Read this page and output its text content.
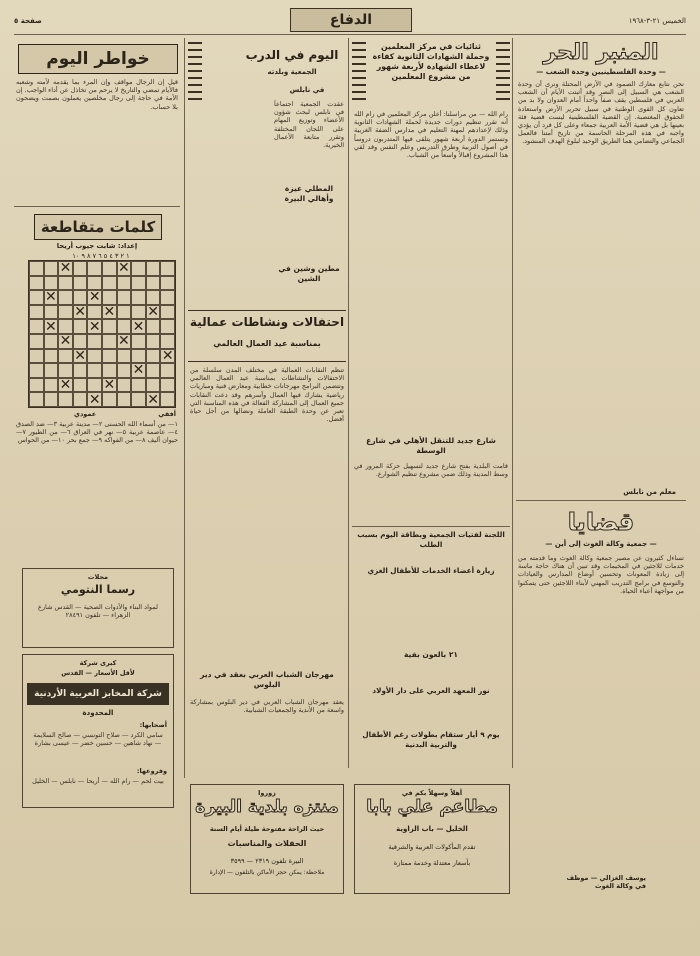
الخميس ٢١-٣-١٩٦٨
الدفاع
صفحة ٥
المنبر الحر
— وحدة الفلسطينيين وحدة الشعب —
نحن نتابع معارك الصمود في الأرض المحتلة ونرى أن وحدة الشعب هي السبيل إلى النصر وقد أثبتت الأيام أن الشعب العربي في فلسطين يقف صفاً واحداً أمام العدوان ولا بد من تعاون كل القوى الوطنية في سبيل تحرير الأرض واستعادة الحقوق المغتصبة. إن القضية الفلسطينية ليست قضية فئة بعينها بل هي قضية الأمة العربية جمعاء وعلى كل فرد أن يؤدي واجبه في هذه المرحلة الحاسمة من تاريخ أمتنا فالعمل الجماعي والتضامن هما الطريق الوحيد لبلوغ الهدف المنشود.
معلم من نابلس
قضايا
— جمعية وكالة الغوث إلى أين —
تساءل كثيرون عن مصير جمعية وكالة الغوث وما قدمته من خدمات للاجئين في المخيمات وقد تبين أن هناك حاجة ماسة إلى زيادة المعونات وتحسين أوضاع المدارس والعيادات والتوسع في برامج التدريب المهني لأبناء اللاجئين حتى يتمكنوا من مواجهة أعباء الحياة.
يوسف الغزالي — موظف في وكالة الغوث
ثنائيات في مركز المعلمين وحملة الشهادات الثانوية كفاءة لاعطاء الشهادة لأربعة شهور من مشروع المعلمين
رام الله — من مراسلنا: أعلن مركز المعلمين في رام الله أنه تقرر تنظيم دورات جديدة لحملة الشهادات الثانوية وذلك لإعدادهم لمهنة التعليم في مدارس الضفة الغربية وتستمر الدورة أربعة شهور يتلقى فيها المتدربون دروساً في أصول التربية وطرق التدريس وعلم النفس وقد لقي هذا المشروع إقبالاً واسعاً من الشباب.
شارع جديد للتنقل الأهلي في شارع الوسطة
قامت البلدية بفتح شارع جديد لتسهيل حركة المرور في وسط المدينة وذلك ضمن مشروع تنظيم الشوارع.
اللجنة لفتيات الجمعية وبطاقة اليوم بسبب الطلب
زيارة أعضاء الخدمات للأطفال الغزي
٢١ بالعون بفية
نور المعهد العربي على دار الأولاد
يوم ٩ أيار ستقام بطولات رغم الأطفال والتربية البدنية
اليوم في الدرب
الجمعية وبلدته
في نابلس
عقدت الجمعية اجتماعاً في نابلس لبحث شؤون الأعضاء وتوزيع المهام على اللجان المختلفة وتقرر متابعة الأعمال الخيرية.
المطلي عيزة وأهالي البيرة
مطين وشين في الشين
احتفالات ونشاطات عمالية
بمناسبة عيد العمال العالمي
تنظم النقابات العمالية في مختلف المدن سلسلة من الاحتفالات والنشاطات بمناسبة عيد العمال العالمي وتتضمن البرامج مهرجانات خطابية ومعارض فنية ومباريات رياضية يشارك فيها العمال وأسرهم وقد دعت النقابات جميع العمال إلى المشاركة الفعالة في هذه المناسبة التي تعبر عن وحدة الطبقة العاملة ونضالها من أجل حياة أفضل.
مهرجان الشباب العربي بعقد في دير البلوس
يعقد مهرجان الشباب العربي في دير البلوس بمشاركة واسعة من الأندية والجمعيات الشبابية.
خواطر اليوم
قيل إن الرجال مواقف وإن المرء بما يقدمه لأمته وشعبه فالأيام تمضي والتاريخ لا يرحم من تخاذل عن أداء الواجب. إن الأمة في حاجة إلى رجال مخلصين يعملون بصمت ويضحون بلا حساب.
كلمات متقاطعة
إعداد: شابت جيوب أريحا
١ ٢ ٣ ٤ ٥ ٦ ٧ ٨ ٩ ١٠
✕
✕
✕
✕
✕
✕
✕
✕
✕
✕
✕
✕
✕
✕
✕
✕
✕
✕
✕
أفقي
عمودي
١— من أسماء الله الحسنى ٢— مدينة عربية ٣— ضد الصدق ٤— عاصمة عربية ٥— نهر في العراق ٦— من الطيور ٧— حيوان أليف ٨— من الفواكه ٩— جمع بحر ١٠— من الحواس
محلات
رسما النتومي
لمواد البناء والأدوات الصحية — القدس شارع الزهراء — تلفون ٢٨٤٩١
كبرى شركة
لأقل الأسعار — القدس
شركة المخابز العربية الأردنية
المحدودة
أصحابها:
سامي الكرد — صلاح التونسي — صالح السلايمة — نهاد شاهين — حسين خضر — عيسى بشارة
وفروعها:
بيت لحم — رام الله — أريحا — نابلس — الخليل
زوروا
منتزه بلدية البيرة
حيث الراحة مفتوحة طيلة أيام السنة
الحفلات والمناسبات
البيرة تلفون ٢٣١٩ — ٣٥٩٩
ملاحظة: يمكن حجز الأماكن بالتلفون — الإدارة
أهلاً وسهلاً بكم في
مطاعم علي بابا
الخليل — باب الزاوية
تقدم المأكولات العربية والشرقية
بأسعار معتدلة وخدمة ممتازة
